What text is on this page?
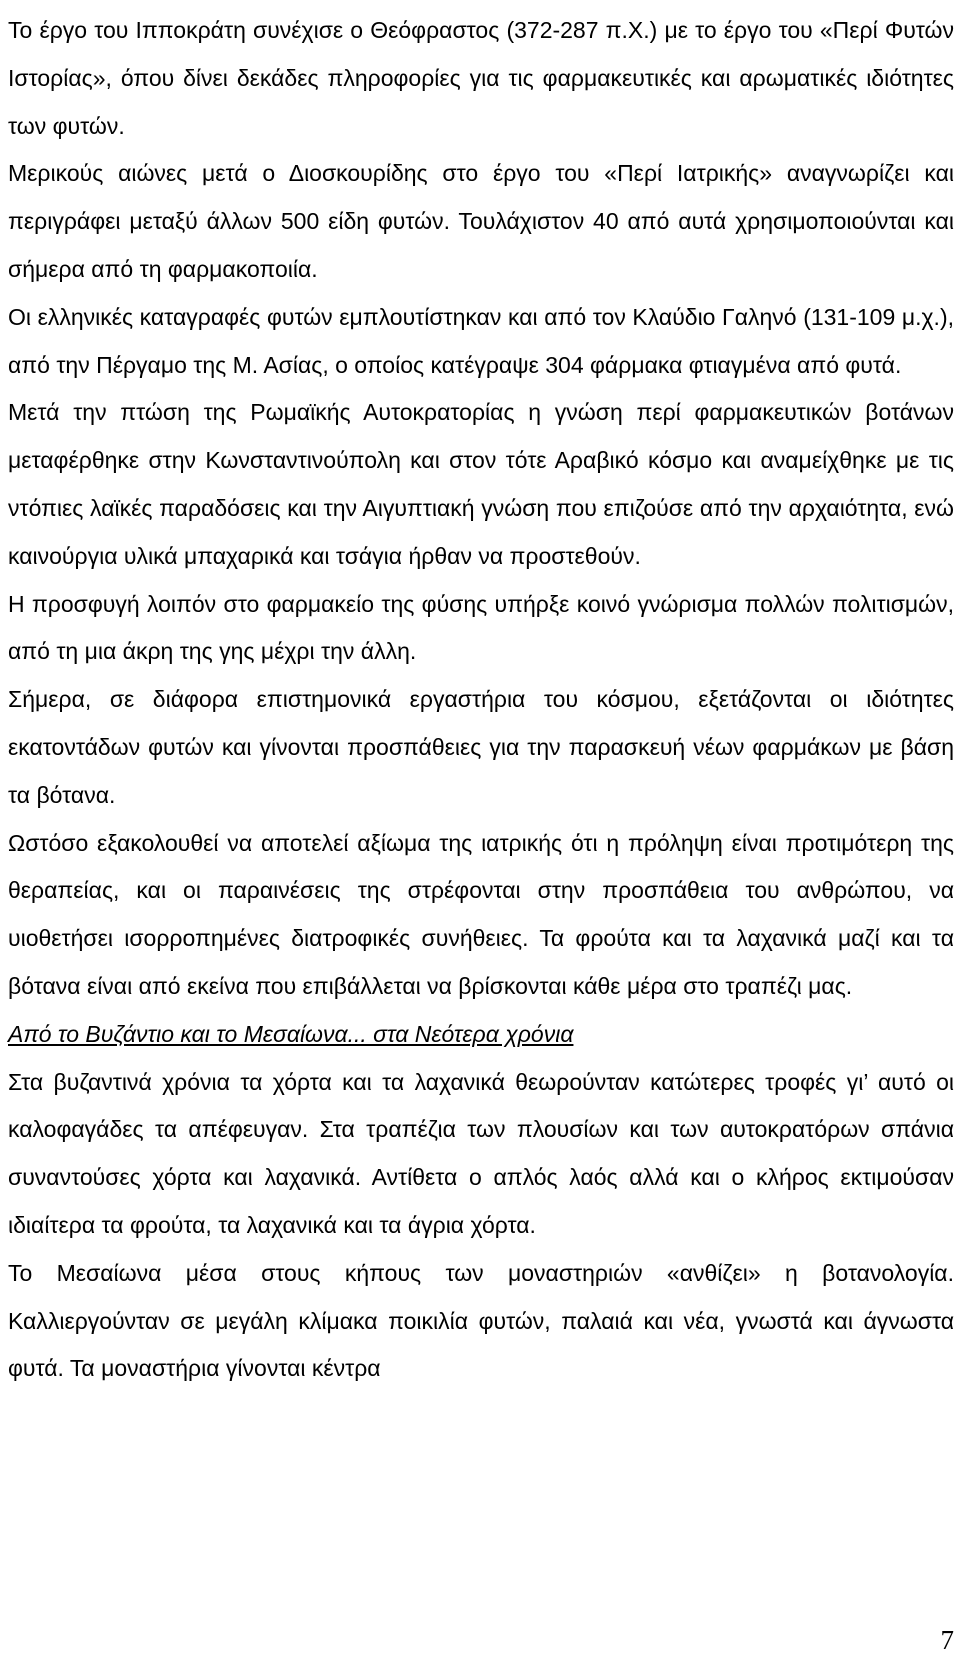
Το έργο του Ιπποκράτη συνέχισε ο Θεόφραστος (372-287 π.Χ.) με το έργο του «Περί Φυτών Ιστορίας», όπου δίνει δεκάδες πληροφορίες για τις φαρμακευτικές και αρωματικές ιδιότητες των φυτών.

Μερικούς αιώνες μετά ο Διοσκουρίδης στο έργο του «Περί Ιατρικής» αναγνωρίζει και περιγράφει μεταξύ άλλων 500 είδη φυτών. Τουλάχιστον 40 από αυτά χρησιμοποιούνται και σήμερα από τη φαρμακοποιία.

Οι ελληνικές καταγραφές φυτών εμπλουτίστηκαν και από τον Κλαύδιο Γαληνό (131-109 μ.χ.), από την Πέργαμο της Μ. Ασίας, ο οποίος κατέγραψε 304 φάρμακα φτιαγμένα από φυτά.

Μετά την πτώση της Ρωμαϊκής Αυτοκρατορίας η γνώση περί φαρμακευτικών βοτάνων μεταφέρθηκε στην Κωνσταντινούπολη και στον τότε Αραβικό κόσμο και αναμείχθηκε με τις ντόπιες λαϊκές παραδόσεις και την Αιγυπτιακή γνώση που επιζούσε από την αρχαιότητα, ενώ καινούργια υλικά μπαχαρικά και τσάγια ήρθαν να προστεθούν.

Η προσφυγή λοιπόν στο φαρμακείο της φύσης υπήρξε κοινό γνώρισμα πολλών πολιτισμών, από τη μια άκρη της γης μέχρι την άλλη.

Σήμερα, σε διάφορα επιστημονικά εργαστήρια του κόσμου, εξετάζονται οι ιδιότητες εκατοντάδων φυτών και γίνονται προσπάθειες για την παρασκευή νέων φαρμάκων με βάση τα βότανα.

Ωστόσο εξακολουθεί να αποτελεί αξίωμα της ιατρικής ότι η πρόληψη είναι προτιμότερη της θεραπείας, και οι παραινέσεις της στρέφονται στην προσπάθεια του ανθρώπου, να υιοθετήσει ισορροπημένες διατροφικές συνήθειες. Τα φρούτα και τα λαχανικά μαζί και τα βότανα είναι από εκείνα που επιβάλλεται να βρίσκονται κάθε μέρα στο τραπέζι μας.

Από το Βυζάντιο και το Μεσαίωνα... στα Νεότερα χρόνια

Στα βυζαντινά χρόνια τα χόρτα και τα λαχανικά θεωρούνταν κατώτερες τροφές γι’ αυτό οι καλοφαγάδες τα απέφευγαν. Στα τραπέζια των πλουσίων και των αυτοκρατόρων σπάνια συναντούσες χόρτα και λαχανικά. Αντίθετα ο απλός λαός αλλά και ο κλήρος εκτιμούσαν ιδιαίτερα τα φρούτα, τα λαχανικά και τα άγρια χόρτα.

Το Μεσαίωνα μέσα στους κήπους των μοναστηριών «ανθίζει» η βοτανολογία. Καλλιεργούνταν σε μεγάλη κλίμακα ποικιλία φυτών, παλαιά και νέα, γνωστά και άγνωστα φυτά. Τα μοναστήρια γίνονται κέντρα

7
